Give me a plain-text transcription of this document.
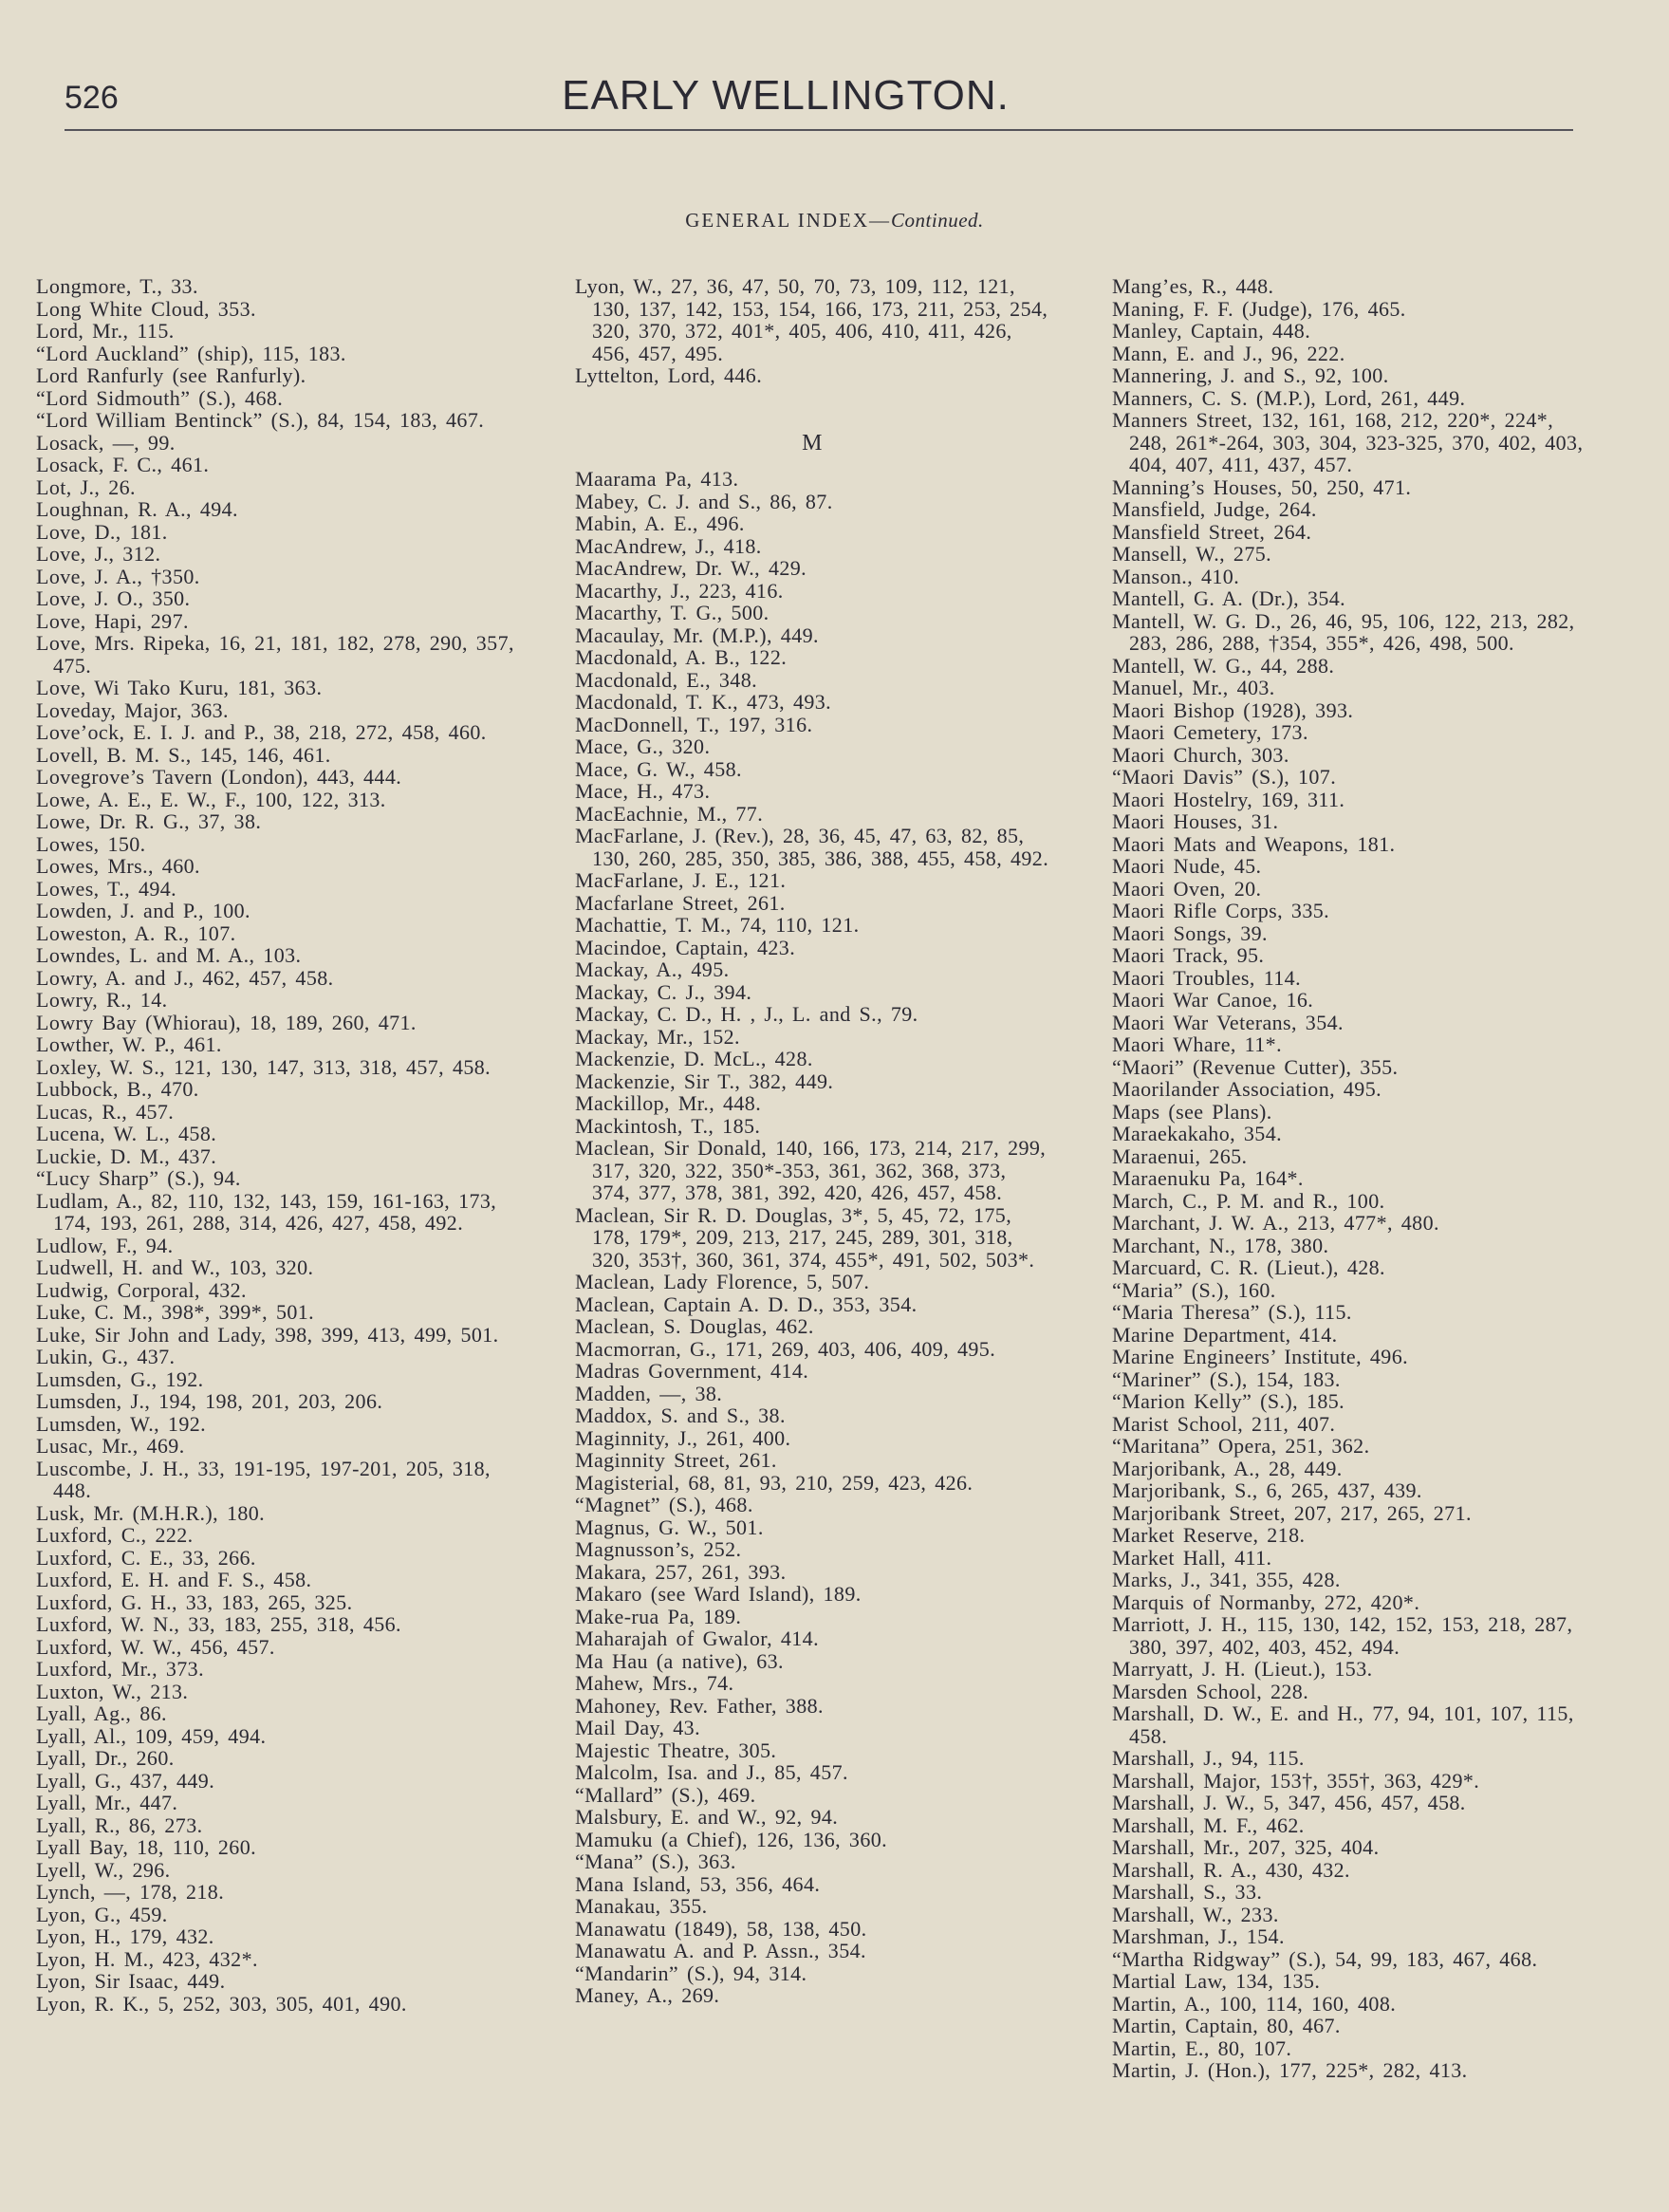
526	EARLY WELLINGTON.
GENERAL INDEX—Continued.
Longmore, T., 33.
Long White Cloud, 353.
Lord, Mr., 115.
“Lord Auckland” (ship), 115, 183.
Lord Ranfurly (see Ranfurly).
“Lord Sidmouth” (S.), 468.
“Lord William Bentinck” (S.), 84, 154, 183, 467.
Losack, —, 99.
Losack, F. C., 461.
Lot, J., 26.
Loughnan, R. A., 494.
Love, D., 181.
Love, J., 312.
Love, J. A., †350.
Love, J. O., 350.
Love, Hapi, 297.
Love, Mrs. Ripeka, 16, 21, 181, 182, 278, 290, 357, 475.
Love, Wi Tako Kuru, 181, 363.
Loveday, Major, 363.
Love’ock, E. I. J. and P., 38, 218, 272, 458, 460.
Lovell, B. M. S., 145, 146, 461.
Lovegrove’s Tavern (London), 443, 444.
Lowe, A. E., E. W., F., 100, 122, 313.
Lowe, Dr. R. G., 37, 38.
Lowes, 150.
Lowes, Mrs., 460.
Lowes, T., 494.
Lowden, J. and P., 100.
Loweston, A. R., 107.
Lowndes, L. and M. A., 103.
Lowry, A. and J., 462, 457, 458.
Lowry, R., 14.
Lowry Bay (Whiorau), 18, 189, 260, 471.
Lowther, W. P., 461.
Loxley, W. S., 121, 130, 147, 313, 318, 457, 458.
Lubbock, B., 470.
Lucas, R., 457.
Lucena, W. L., 458.
Luckie, D. M., 437.
“Lucy Sharp” (S.), 94.
Ludlam, A., 82, 110, 132, 143, 159, 161-163, 173, 174, 193, 261, 288, 314, 426, 427, 458, 492.
Ludlow, F., 94.
Ludwell, H. and W., 103, 320.
Ludwig, Corporal, 432.
Luke, C. M., 398*, 399*, 501.
Luke, Sir John and Lady, 398, 399, 413, 499, 501.
Lukin, G., 437.
Lumsden, G., 192.
Lumsden, J., 194, 198, 201, 203, 206.
Lumsden, W., 192.
Lusac, Mr., 469.
Luscombe, J. H., 33, 191-195, 197-201, 205, 318, 448.
Lusk, Mr. (M.H.R.), 180.
Luxford, C., 222.
Luxford, C. E., 33, 266.
Luxford, E. H. and F. S., 458.
Luxford, G. H., 33, 183, 265, 325.
Luxford, W. N., 33, 183, 255, 318, 456.
Luxford, W. W., 456, 457.
Luxford, Mr., 373.
Luxton, W., 213.
Lyall, Ag., 86.
Lyall, Al., 109, 459, 494.
Lyall, Dr., 260.
Lyall, G., 437, 449.
Lyall, Mr., 447.
Lyall, R., 86, 273.
Lyall Bay, 18, 110, 260.
Lyell, W., 296.
Lynch, —, 178, 218.
Lyon, G., 459.
Lyon, H., 179, 432.
Lyon, H. M., 423, 432*.
Lyon, Sir Isaac, 449.
Lyon, R. K., 5, 252, 303, 305, 401, 490.
Lyon, W., 27, 36, 47, 50, 70, 73, 109, 112, 121, 130, 137, 142, 153, 154, 166, 173, 211, 253, 254, 320, 370, 372, 401*, 405, 406, 410, 411, 426, 456, 457, 495.
Lyttelton, Lord, 446.
M
Maarama Pa, 413.
Mabey, C. J. and S., 86, 87.
Mabin, A. E., 496.
MacAndrew, J., 418.
MacAndrew, Dr. W., 429.
Macarthy, J., 223, 416.
Macarthy, T. G., 500.
Macaulay, Mr. (M.P.), 449.
Macdonald, A. B., 122.
Macdonald, E., 348.
Macdonald, T. K., 473, 493.
MacDonnell, T., 197, 316.
Mace, G., 320.
Mace, G. W., 458.
Mace, H., 473.
MacEachnie, M., 77.
MacFarlane, J. (Rev.), 28, 36, 45, 47, 63, 82, 85, 130, 260, 285, 350, 385, 386, 388, 455, 458, 492.
MacFarlane, J. E., 121.
Macfarlane Street, 261.
Machattie, T. M., 74, 110, 121.
Macindoe, Captain, 423.
Mackay, A., 495.
Mackay, C. J., 394.
Mackay, C. D., H. , J., L. and S., 79.
Mackay, Mr., 152.
Mackenzie, D. McL., 428.
Mackenzie, Sir T., 382, 449.
Mackillop, Mr., 448.
Mackintosh, T., 185.
Maclean, Sir Donald, 140, 166, 173, 214, 217, 299, 317, 320, 322, 350*-353, 361, 362, 368, 373, 374, 377, 378, 381, 392, 420, 426, 457, 458.
Maclean, Sir R. D. Douglas, 3*, 5, 45, 72, 175, 178, 179*, 209, 213, 217, 245, 289, 301, 318, 320, 353†, 360, 361, 374, 455*, 491, 502, 503*.
Maclean, Lady Florence, 5, 507.
Maclean, Captain A. D. D., 353, 354.
Maclean, S. Douglas, 462.
Macmorran, G., 171, 269, 403, 406, 409, 495.
Madras Government, 414.
Madden, —, 38.
Maddox, S. and S., 38.
Maginnity, J., 261, 400.
Maginnity Street, 261.
Magisterial, 68, 81, 93, 210, 259, 423, 426.
“Magnet” (S.), 468.
Magnus, G. W., 501.
Magnusson’s, 252.
Makara, 257, 261, 393.
Makaro (see Ward Island), 189.
Make-rua Pa, 189.
Maharajah of Gwalor, 414.
Ma Hau (a native), 63.
Mahew, Mrs., 74.
Mahoney, Rev. Father, 388.
Mail Day, 43.
Majestic Theatre, 305.
Malcolm, Isa. and J., 85, 457.
“Mallard” (S.), 469.
Malsbury, E. and W., 92, 94.
Mamuku (a Chief), 126, 136, 360.
“Mana” (S.), 363.
Mana Island, 53, 356, 464.
Manakau, 355.
Manawatu (1849), 58, 138, 450.
Manawatu A. and P. Assn., 354.
“Mandarin” (S.), 94, 314.
Maney, A., 269.
Mang’es, R., 448.
Maning, F. F. (Judge), 176, 465.
Manley, Captain, 448.
Mann, E. and J., 96, 222.
Mannering, J. and S., 92, 100.
Manners, C. S. (M.P.), Lord, 261, 449.
Manners Street, 132, 161, 168, 212, 220*, 224*, 248, 261*-264, 303, 304, 323-325, 370, 402, 403, 404, 407, 411, 437, 457.
Manning’s Houses, 50, 250, 471.
Mansfield, Judge, 264.
Mansfield Street, 264.
Mansell, W., 275.
Manson., 410.
Mantell, G. A. (Dr.), 354.
Mantell, W. G. D., 26, 46, 95, 106, 122, 213, 282, 283, 286, 288, †354, 355*, 426, 498, 500.
Mantell, W. G., 44, 288.
Manuel, Mr., 403.
Maori Bishop (1928), 393.
Maori Cemetery, 173.
Maori Church, 303.
“Maori Davis” (S.), 107.
Maori Hostelry, 169, 311.
Maori Houses, 31.
Maori Mats and Weapons, 181.
Maori Nude, 45.
Maori Oven, 20.
Maori Rifle Corps, 335.
Maori Songs, 39.
Maori Track, 95.
Maori Troubles, 114.
Maori War Canoe, 16.
Maori War Veterans, 354.
Maori Whare, 11*.
“Maori” (Revenue Cutter), 355.
Maorilander Association, 495.
Maps (see Plans).
Maraekakaho, 354.
Maraenui, 265.
Maraenuku Pa, 164*.
March, C., P. M. and R., 100.
Marchant, J. W. A., 213, 477*, 480.
Marchant, N., 178, 380.
Marcuard, C. R. (Lieut.), 428.
“Maria” (S.), 160.
“Maria Theresa” (S.), 115.
Marine Department, 414.
Marine Engineers’ Institute, 496.
“Mariner” (S.), 154, 183.
“Marion Kelly” (S.), 185.
Marist School, 211, 407.
“Maritana” Opera, 251, 362.
Marjoribank, A., 28, 449.
Marjoribank, S., 6, 265, 437, 439.
Marjoribank Street, 207, 217, 265, 271.
Market Reserve, 218.
Market Hall, 411.
Marks, J., 341, 355, 428.
Marquis of Normanby, 272, 420*.
Marriott, J. H., 115, 130, 142, 152, 153, 218, 287, 380, 397, 402, 403, 452, 494.
Marryatt, J. H. (Lieut.), 153.
Marsden School, 228.
Marshall, D. W., E. and H., 77, 94, 101, 107, 115, 458.
Marshall, J., 94, 115.
Marshall, Major, 153†, 355†, 363, 429*.
Marshall, J. W., 5, 347, 456, 457, 458.
Marshall, M. F., 462.
Marshall, Mr., 207, 325, 404.
Marshall, R. A., 430, 432.
Marshall, S., 33.
Marshall, W., 233.
Marshman, J., 154.
“Martha Ridgway” (S.), 54, 99, 183, 467, 468.
Martial Law, 134, 135.
Martin, A., 100, 114, 160, 408.
Martin, Captain, 80, 467.
Martin, E., 80, 107.
Martin, J. (Hon.), 177, 225*, 282, 413.
